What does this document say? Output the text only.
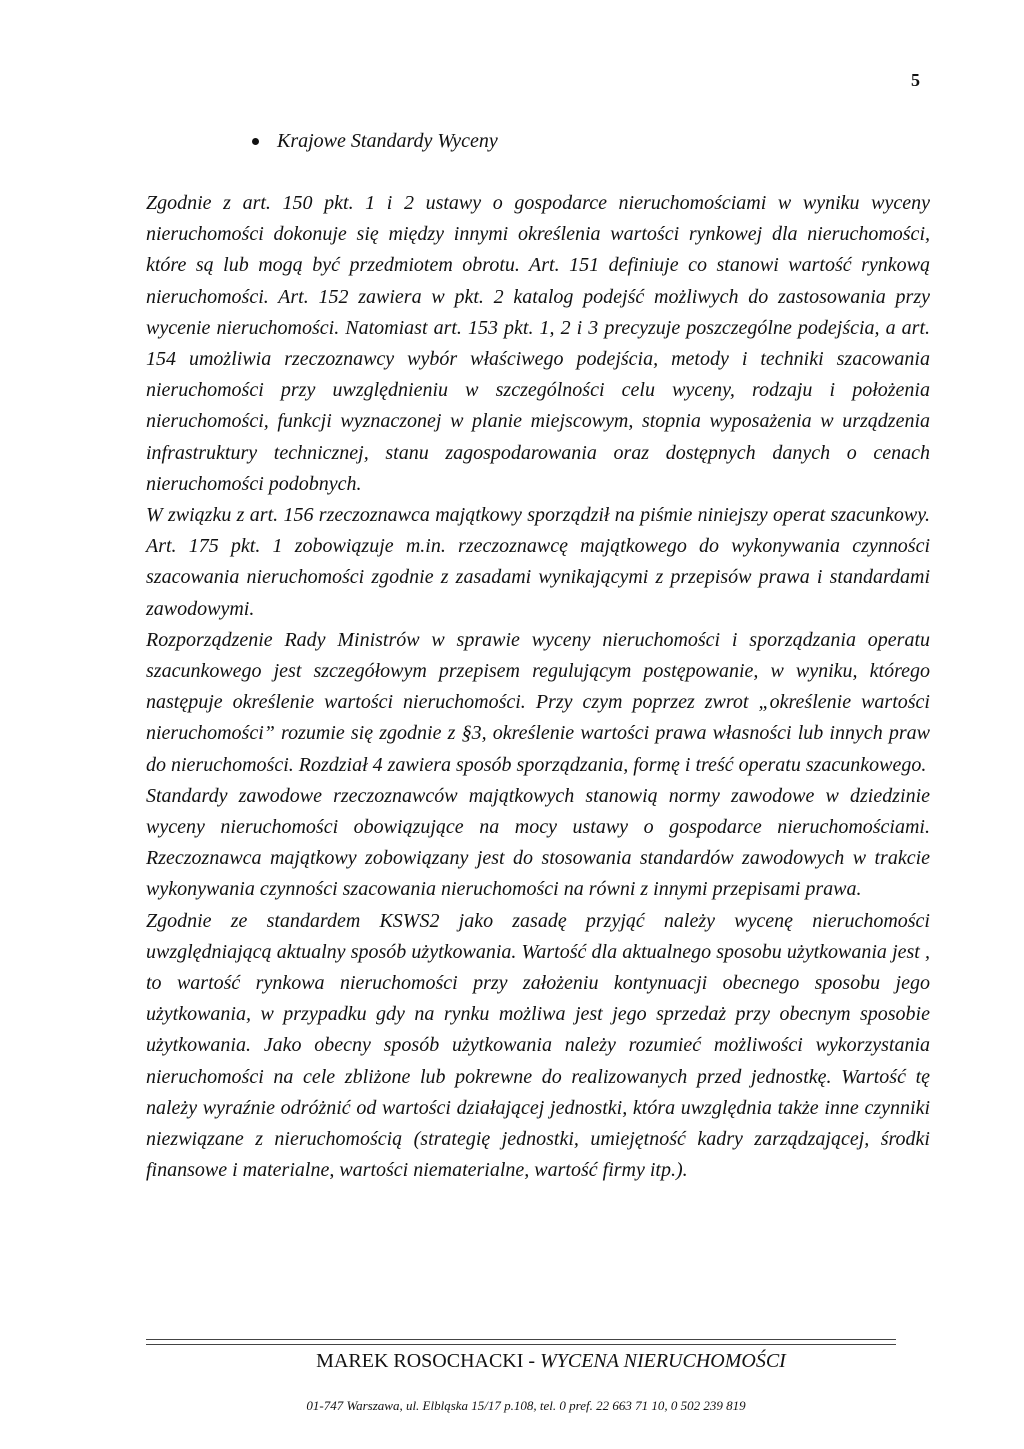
5
Krajowe Standardy Wyceny

Zgodnie z art. 150 pkt. 1 i 2 ustawy o gospodarce nieruchomościami w wyniku wyceny nieruchomości dokonuje się między innymi określenia wartości rynkowej dla nieruchomości, które są lub mogą być przedmiotem obrotu. Art. 151 definiuje co stanowi wartość rynkową nieruchomości. Art. 152 zawiera w pkt. 2 katalog podejść możliwych do zastosowania przy wycenie nieruchomości. Natomiast art. 153 pkt. 1, 2 i 3 precyzuje poszczególne podejścia, a art. 154 umożliwia rzeczoznawcy wybór właściwego podejścia, metody i techniki szacowania nieruchomości przy uwzględnieniu w szczególności celu wyceny, rodzaju i położenia nieruchomości, funkcji wyznaczonej w planie miejscowym, stopnia wyposażenia w urządzenia infrastruktury technicznej, stanu zagospodarowania oraz dostępnych danych o cenach nieruchomości podobnych.

W związku z art. 156 rzeczoznawca majątkowy sporządził na piśmie niniejszy operat szacunkowy. Art. 175 pkt. 1 zobowiązuje m.in. rzeczoznawcę majątkowego do wykonywania czynności szacowania nieruchomości zgodnie z zasadami wynikającymi z przepisów prawa i standardami zawodowymi.

Rozporządzenie Rady Ministrów w sprawie wyceny nieruchomości i sporządzania operatu szacunkowego jest szczegółowym przepisem regulującym postępowanie, w wyniku, którego następuje określenie wartości nieruchomości. Przy czym poprzez zwrot „określenie wartości nieruchomości” rozumie się zgodnie z §3, określenie wartości prawa własności lub innych praw do nieruchomości. Rozdział 4 zawiera sposób sporządzania, formę i treść operatu szacunkowego.

Standardy zawodowe rzeczoznawców majątkowych stanowią normy zawodowe w dziedzinie wyceny nieruchomości obowiązujące na mocy ustawy o gospodarce nieruchomościami. Rzeczoznawca majątkowy zobowiązany jest do stosowania standardów zawodowych w trakcie wykonywania czynności szacowania nieruchomości na równi z innymi przepisami prawa.

Zgodnie ze standardem KSWS2 jako zasadę przyjąć należy wycenę nieruchomości uwzględniającą aktualny sposób użytkowania. Wartość dla aktualnego sposobu użytkowania jest , to wartość rynkowa nieruchomości przy założeniu kontynuacji obecnego sposobu jego użytkowania, w przypadku gdy na rynku możliwa jest jego sprzedaż przy obecnym sposobie użytkowania. Jako obecny sposób użytkowania należy rozumieć możliwości wykorzystania nieruchomości na cele zbliżone lub pokrewne do realizowanych przed jednostkę. Wartość tę należy wyraźnie odróżnić od wartości działającej jednostki, która uwzględnia także inne czynniki niezwiązane z nieruchomością (strategię jednostki, umiejętność kadry zarządzającej, środki finansowe i materialne, wartości niematerialne, wartość firmy itp.).

MAREK ROSOCHACKI - WYCENA NIERUCHOMOŚCI
01-747 Warszawa, ul. Elbląska 15/17 p.108, tel. 0 pref. 22 663 71 10, 0 502 239 819
